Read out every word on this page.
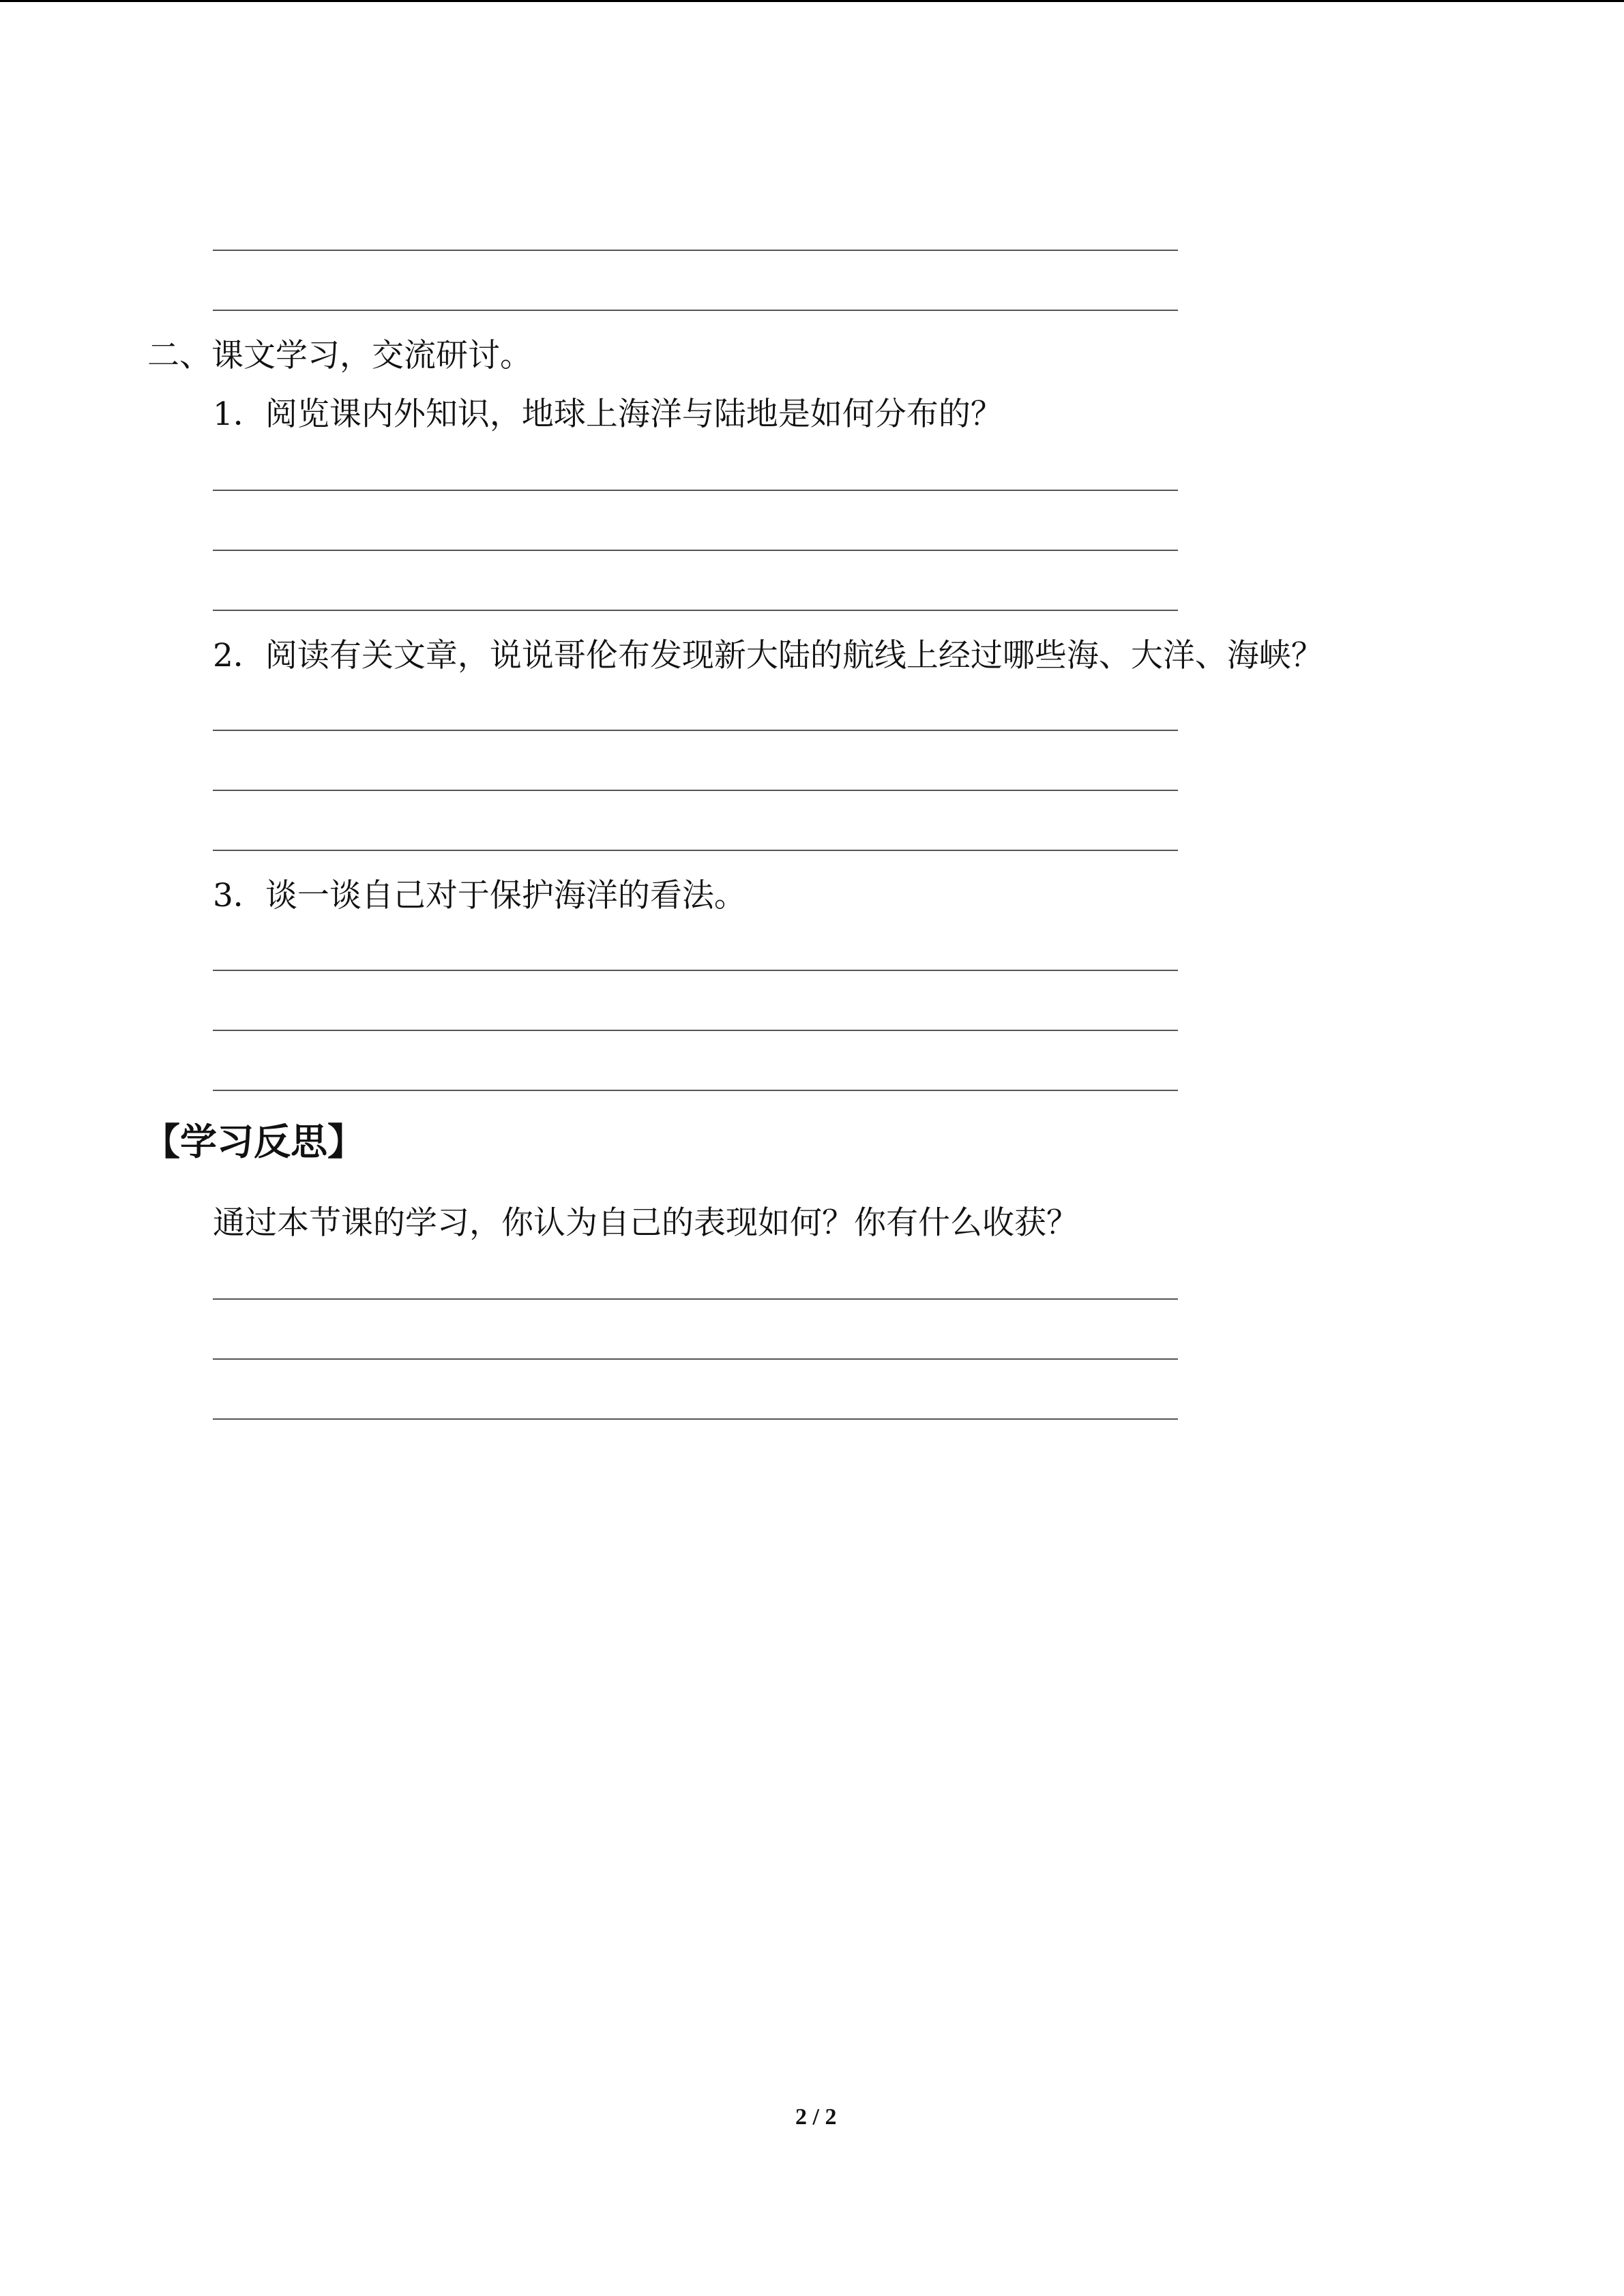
二、课文学习，交流研讨。
1．阅览课内外知识，地球上海洋与陆地是如何分布的？
2．阅读有关文章，说说哥伦布发现新大陆的航线上经过哪些海、大洋、海峡？
3．谈一谈自己对于保护海洋的看法。
【学习反思】
通过本节课的学习，你认为自己的表现如何？你有什么收获？
2 / 2
